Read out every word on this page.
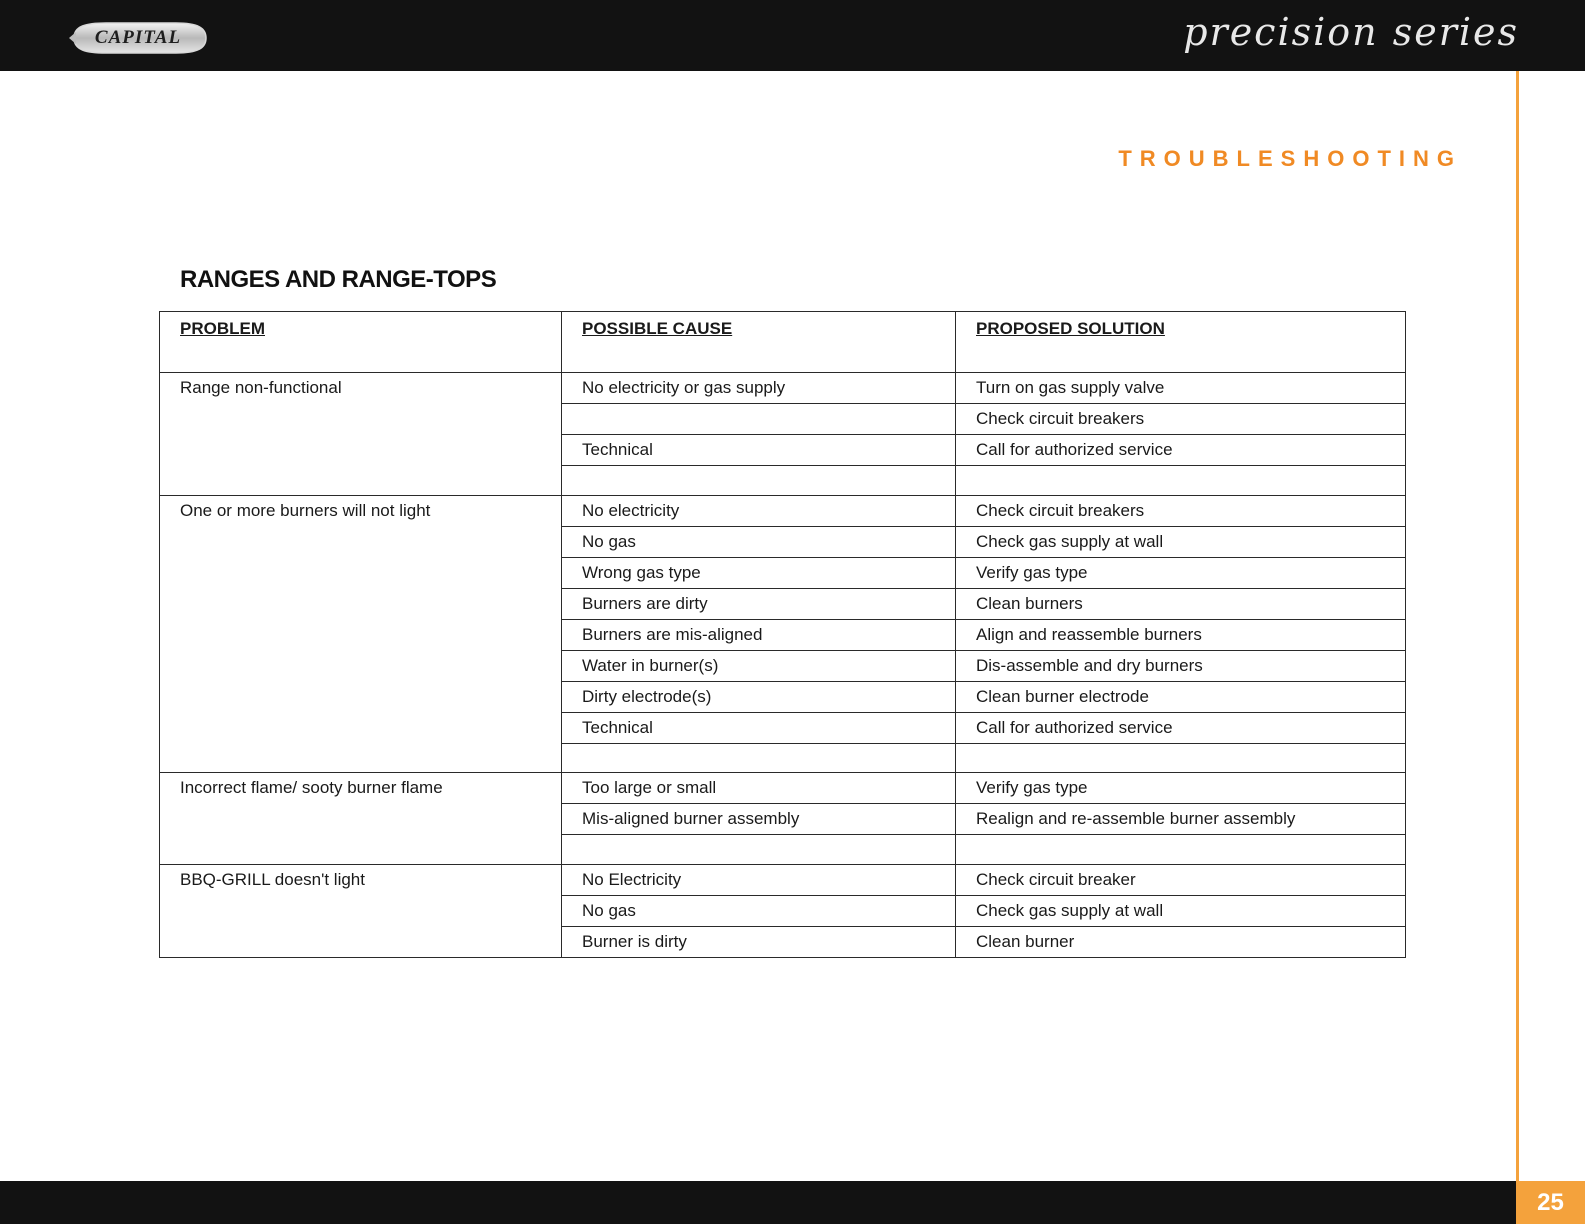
CAPITAL	precision series
TROUBLESHOOTING
RANGES AND RANGE-TOPS
PROBLEM	POSSIBLE CAUSE	PROPOSED SOLUTION
Range non-functional	No electricity or gas supply	Turn on gas supply valve
		Check circuit breakers
	Technical	Call for authorized service

One or more burners will not light	No electricity	Check circuit breakers
	No gas	Check gas supply at wall
	Wrong gas type	Verify gas type
	Burners are dirty	Clean burners
	Burners are mis-aligned	Align and reassemble burners
	Water in burner(s)	Dis-assemble and dry burners
	Dirty electrode(s)	Clean burner electrode
	Technical	Call for authorized service

Incorrect flame/ sooty burner flame	Too large or small	Verify gas type
	Mis-aligned burner assembly	Realign and re-assemble burner assembly

BBQ-GRILL doesn't light	No Electricity	Check circuit breaker
	No gas	Check gas supply at wall
	Burner is dirty	Clean burner
25
